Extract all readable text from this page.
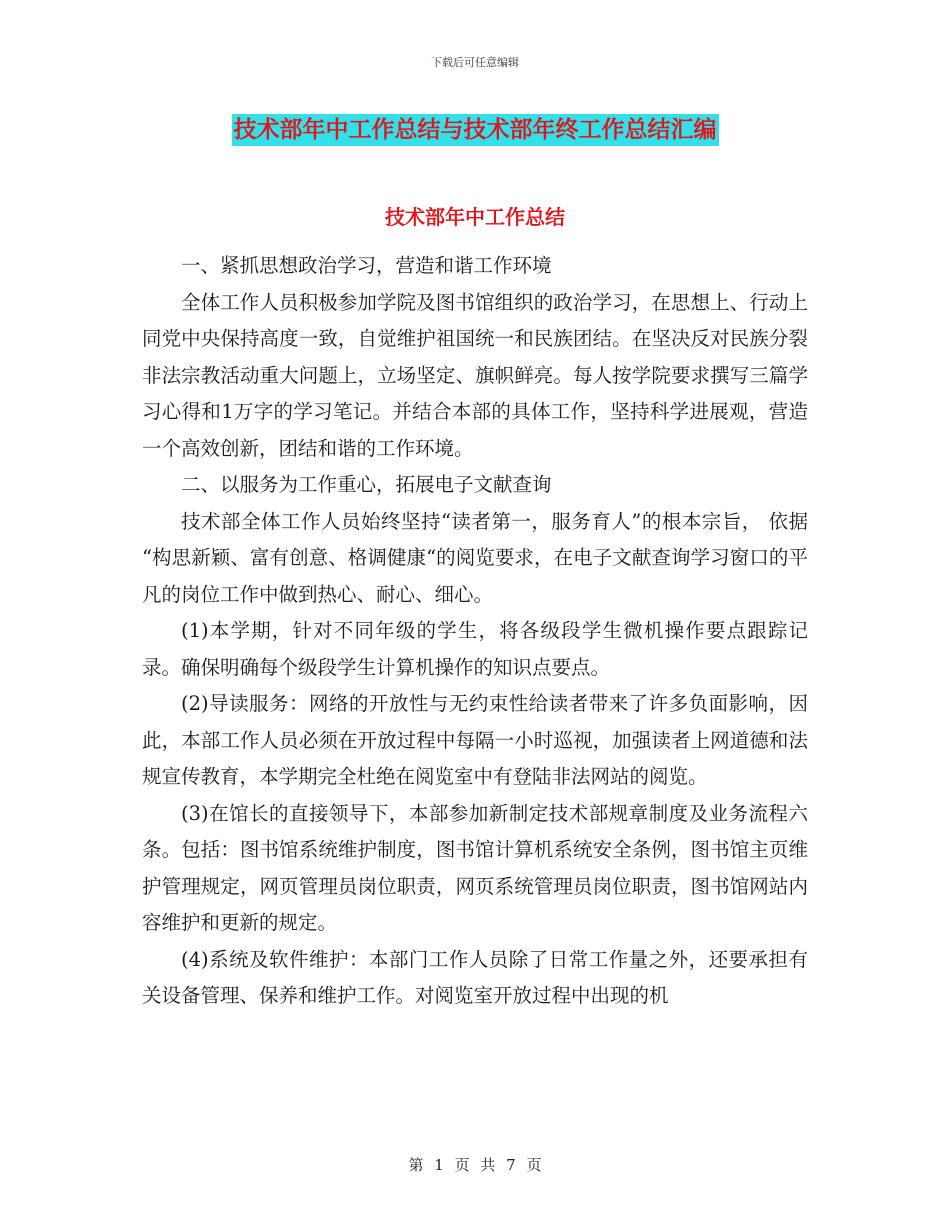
下载后可任意编辑
技术部年中工作总结与技术部年终工作总结汇编
技术部年中工作总结

一、紧抓思想政治学习，营造和谐工作环境

全体工作人员积极参加学院及图书馆组织的政治学习，在思想上、行动上同党中央保持高度一致，自觉维护祖国统一和民族团结。在坚决反对民族分裂非法宗教活动重大问题上，立场坚定、旗帜鲜亮。每人按学院要求撰写三篇学习心得和1万字的学习笔记。并结合本部的具体工作，坚持科学进展观，营造一个高效创新，团结和谐的工作环境。

二、以服务为工作重心，拓展电子文献查询

技术部全体工作人员始终坚持“读者第一，服务育人”的根本宗旨， 依据 “构思新颖、富有创意、格调健康“的阅览要求，在电子文献查询学习窗口的平凡的岗位工作中做到热心、耐心、细心。

(1)本学期，针对不同年级的学生，将各级段学生微机操作要点跟踪记录。确保明确每个级段学生计算机操作的知识点要点。

(2)导读服务：网络的开放性与无约束性给读者带来了许多负面影响，因此，本部工作人员必须在开放过程中每隔一小时巡视，加强读者上网道德和法规宣传教育，本学期完全杜绝在阅览室中有登陆非法网站的阅览。

(3)在馆长的直接领导下，本部参加新制定技术部规章制度及业务流程六条。包括：图书馆系统维护制度，图书馆计算机系统安全条例，图书馆主页维护管理规定，网页管理员岗位职责，网页系统管理员岗位职责，图书馆网站内容维护和更新的规定。

(4)系统及软件维护：本部门工作人员除了日常工作量之外，还要承担有关设备管理、保养和维护工作。对阅览室开放过程中出现的机

第 1 页 共 7 页
